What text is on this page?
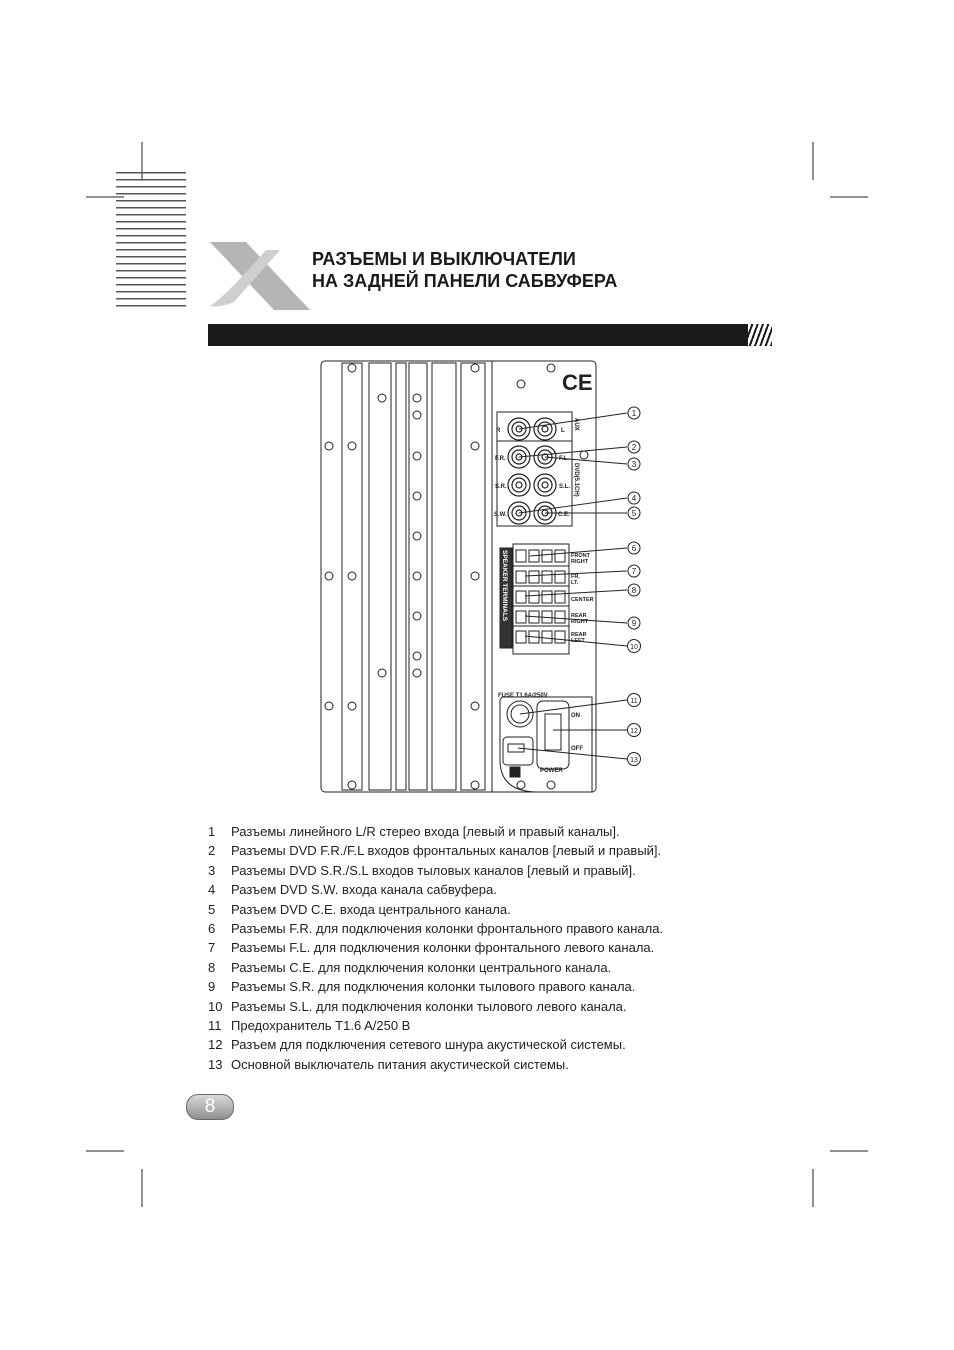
РАЗЪЕМЫ И ВЫКЛЮЧАТЕЛИ
НА ЗАДНЕЙ ПАНЕЛИ САБВУФЕРА
CE
R	L
F.R.	F.L.
S.R.	S.L.
S.W.	C.E.
AUX
DVD(5.1CH)
SPEAKER TERMINALS	FRONT
RIGHT
FR.
LT.
CENTER
REAR
RIGHT
REAR
LEFT
FUSE T1.6A/250V
ON
OFF
POWER
1
2
3
4
5
6
7
8
9
10
11
12
13
1	Разъемы линейного L/R стерео входа [левый и правый каналы].
2	Разъемы DVD F.R./F.L входов фронтальных каналов [левый и правый].
3	Разъемы DVD S.R./S.L входов тыловых каналов [левый и правый].
4	Разъем DVD S.W. входа канала сабвуфера.
5	Разъем DVD C.E. входа центрального канала.
6	Разъемы F.R. для подключения колонки фронтального правого канала.
7	Разъемы F.L. для подключения колонки фронтального левого канала.
8	Разъемы C.E. для подключения колонки центрального канала.
9	Разъемы S.R. для подключения колонки тылового правого канала.
10 Разъемы S.L. для подключения колонки тылового левого канала.
11 Предохранитель T1.6 A/250 В
12 Разъем для подключения сетевого шнура акустической системы.
13 Основной выключатель питания акустической системы.
8
